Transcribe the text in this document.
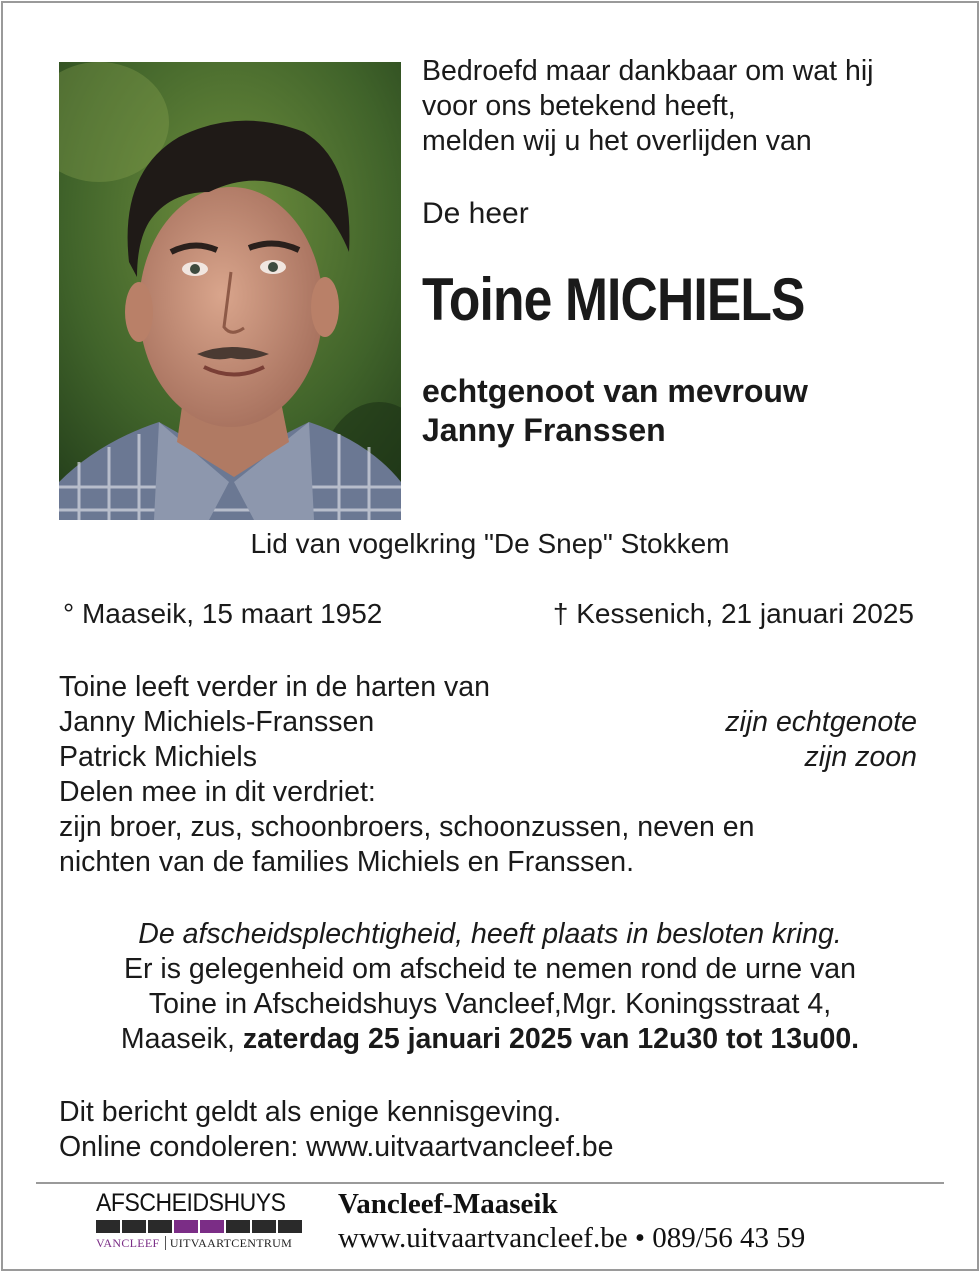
Bedroefd maar dankbaar om wat hij
voor ons betekend heeft,
melden wij u het overlijden van
De heer
Toine MICHIELS
echtgenoot van mevrouw
Janny Franssen
Lid van vogelkring "De Snep" Stokkem
° Maaseik, 15 maart 1952	† Kessenich, 21 januari 2025
Toine leeft verder in de harten van
Janny Michiels-Franssen	zijn echtgenote
Patrick Michiels	zijn zoon
Delen mee in dit verdriet:
zijn broer, zus, schoonbroers, schoonzussen, neven en
nichten van de families Michiels en Franssen.
De afscheidsplechtigheid, heeft plaats in besloten kring.
Er is gelegenheid om afscheid te nemen rond de urne van
Toine in Afscheidshuys Vancleef,Mgr. Koningsstraat 4,
Maaseik, zaterdag 25 januari 2025 van 12u30 tot 13u00.
Dit bericht geldt als enige kennisgeving.
Online condoleren: www.uitvaartvancleef.be
AFSCHEIDSHUYS
VANCLEEF UITVAARTCENTRUM
Vancleef-Maaseik
www.uitvaartvancleef.be • 089/56 43 59
